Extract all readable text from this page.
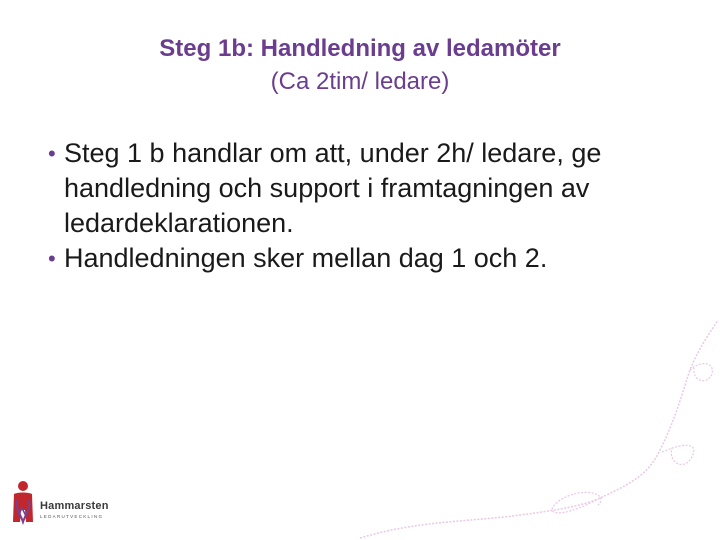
Steg 1b: Handledning av ledamöter
(Ca 2tim/ ledare)
• Steg 1 b handlar om att, under 2h/ ledare, ge handledning och support i framtagningen av ledardeklarationen.
• Handledningen sker mellan dag 1 och 2.
Hammarsten
LEDARUTVECKLING
